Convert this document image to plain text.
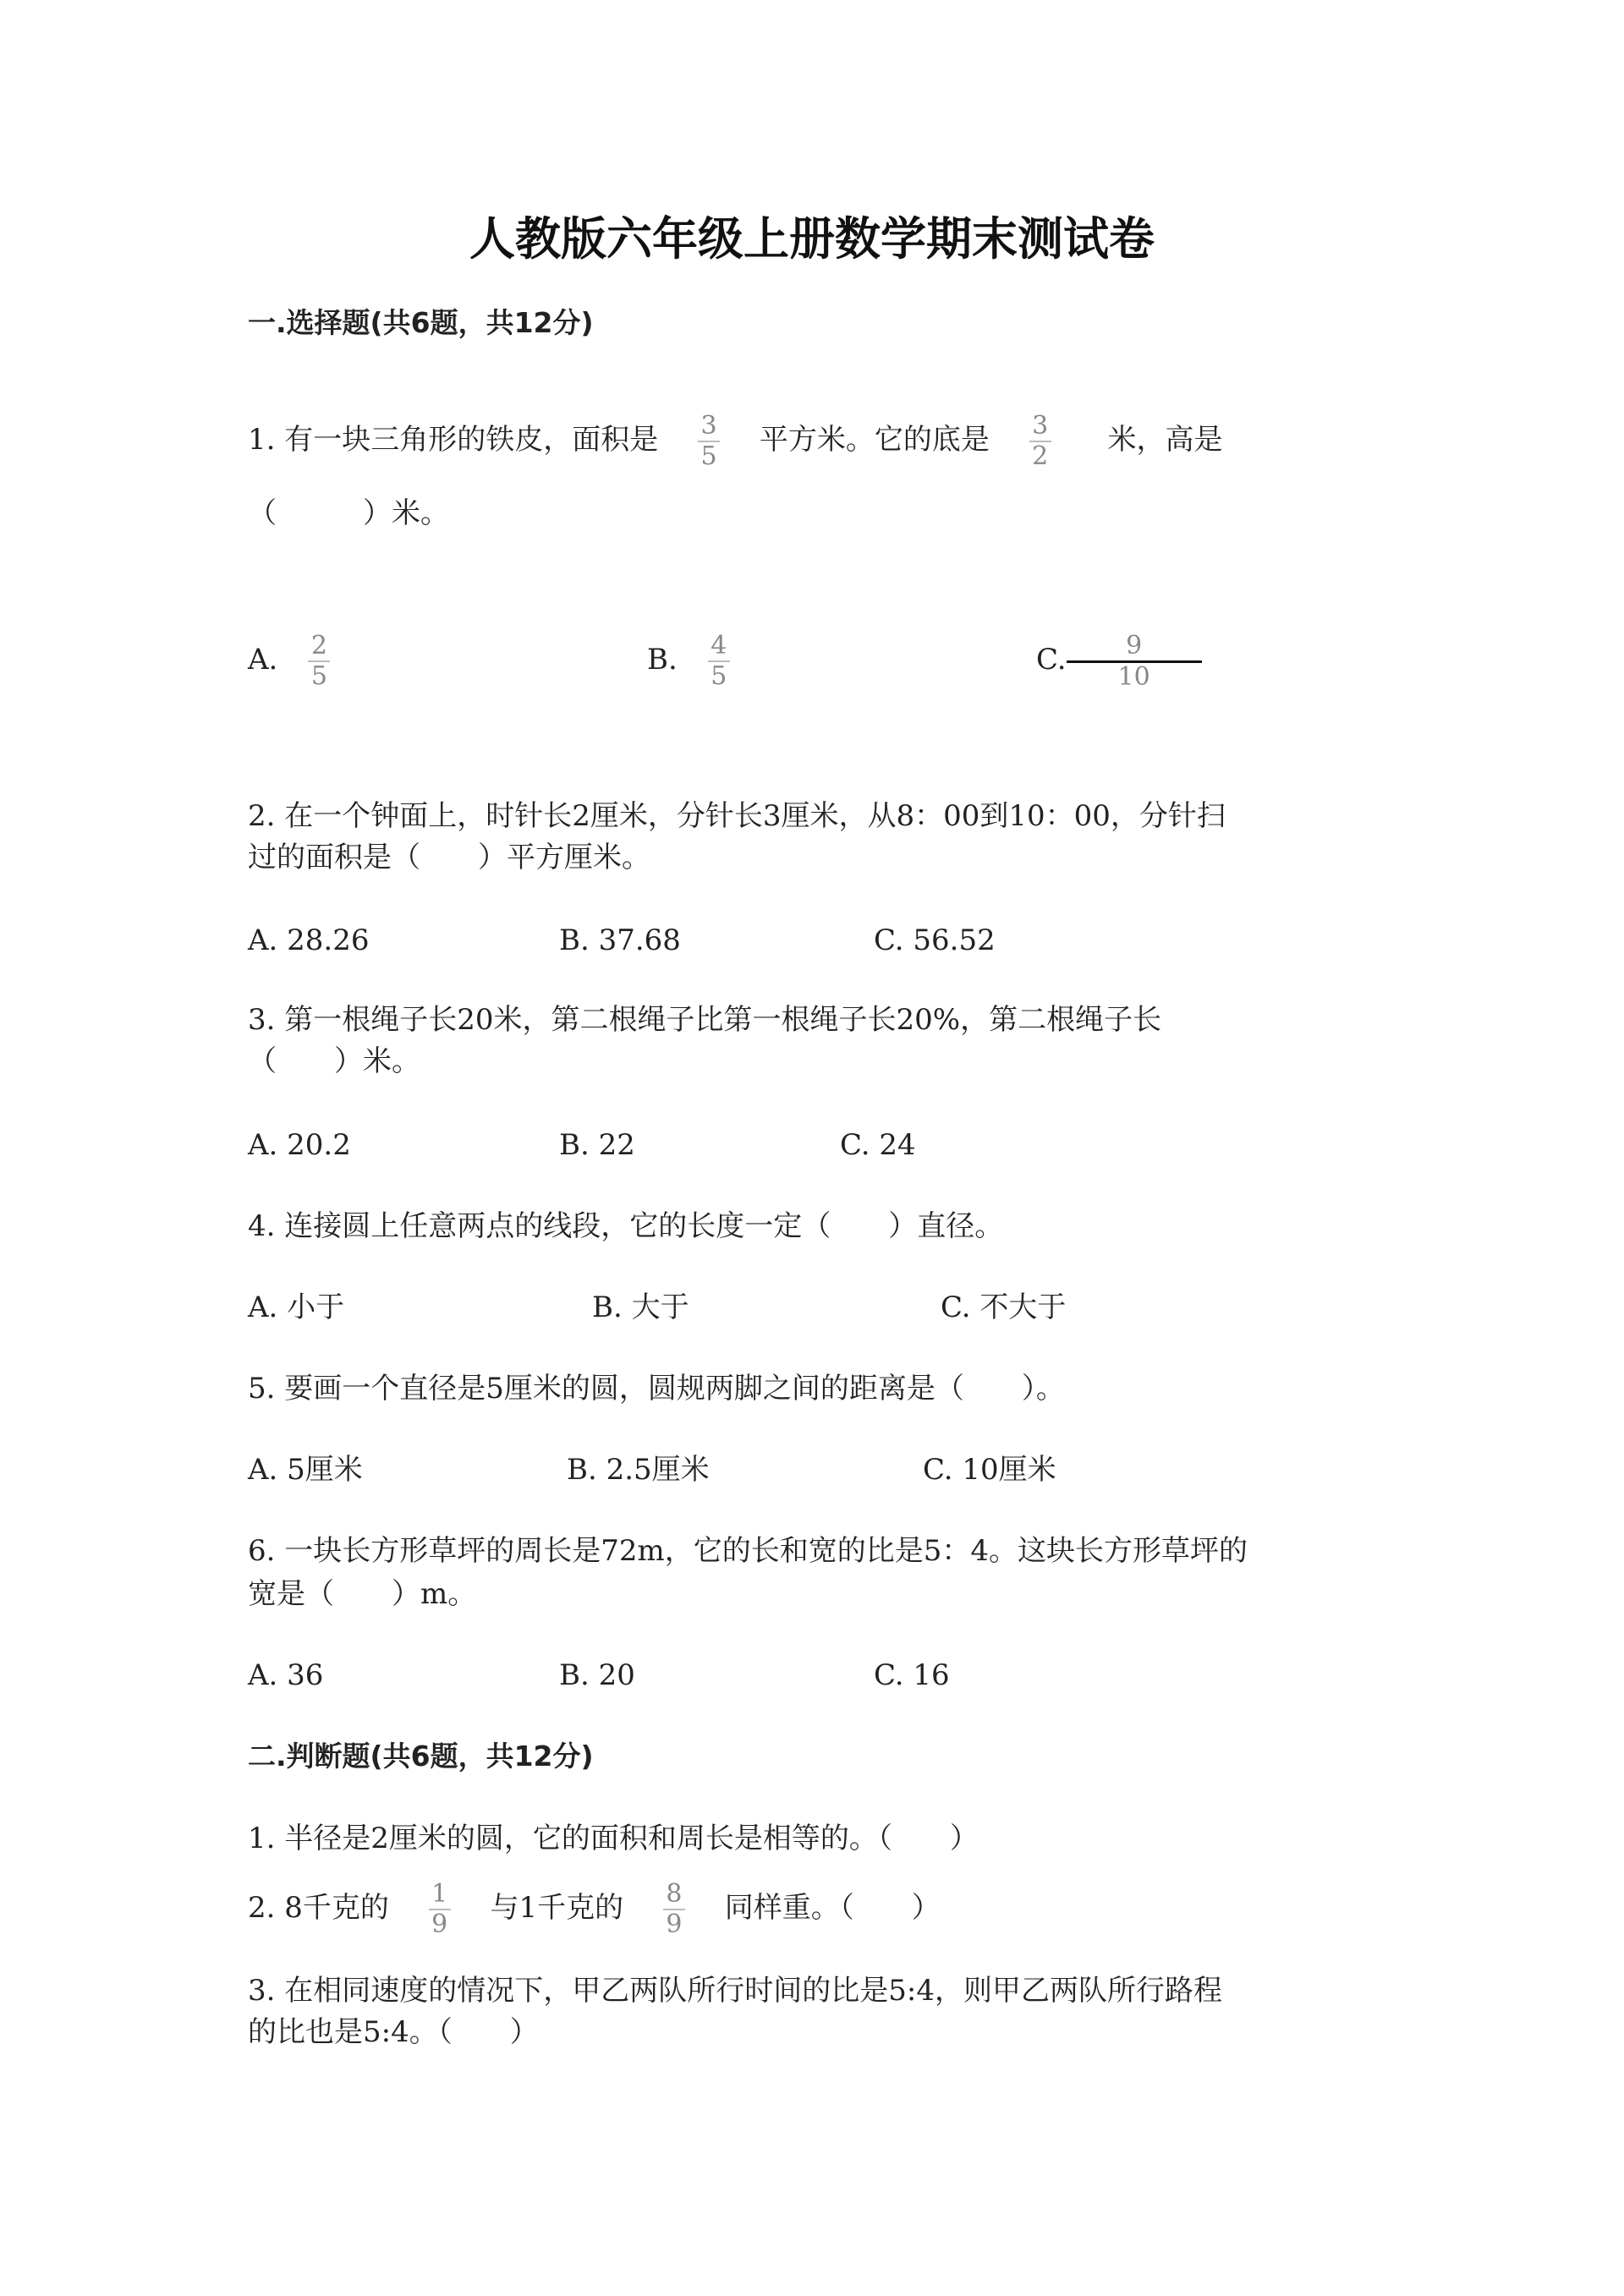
人教版六年级上册数学期末测试卷
一.选择题(共6题，共12分)
1. 有一块三角形的铁皮，面积是 $\frac{3}{5}$ 平方米。它的底是 $\frac{3}{2}$ 米，高是
（　　　）米。
A. $\frac{2}{5}$	B. $\frac{4}{5}$	C. $\frac{9}{10}$
2. 在一个钟面上，时针长2厘米，分针长3厘米，从8：00到10：00，分针扫
过的面积是（　　）平方厘米。
A. 28.26	B. 37.68	C. 56.52
3. 第一根绳子长20米，第二根绳子比第一根绳子长20%，第二根绳子长
（　　）米。
A. 20.2	B. 22	C. 24
4. 连接圆上任意两点的线段，它的长度一定（　　）直径。
A. 小于	B. 大于	C. 不大于
5. 要画一个直径是5厘米的圆，圆规两脚之间的距离是（　　）。
A. 5厘米	B. 2.5厘米	C. 10厘米
6. 一块长方形草坪的周长是72m，它的长和宽的比是5：4。这块长方形草坪的
宽是（　　）m。
A. 36	B. 20	C. 16
二.判断题(共6题，共12分)
1. 半径是2厘米的圆，它的面积和周长是相等的。（　　）
2. 8千克的 $\frac{1}{9}$ 与1千克的 $\frac{8}{9}$ 同样重。（　　）
3. 在相同速度的情况下，甲乙两队所行时间的比是5:4，则甲乙两队所行路程
的比也是5:4。（　　）
